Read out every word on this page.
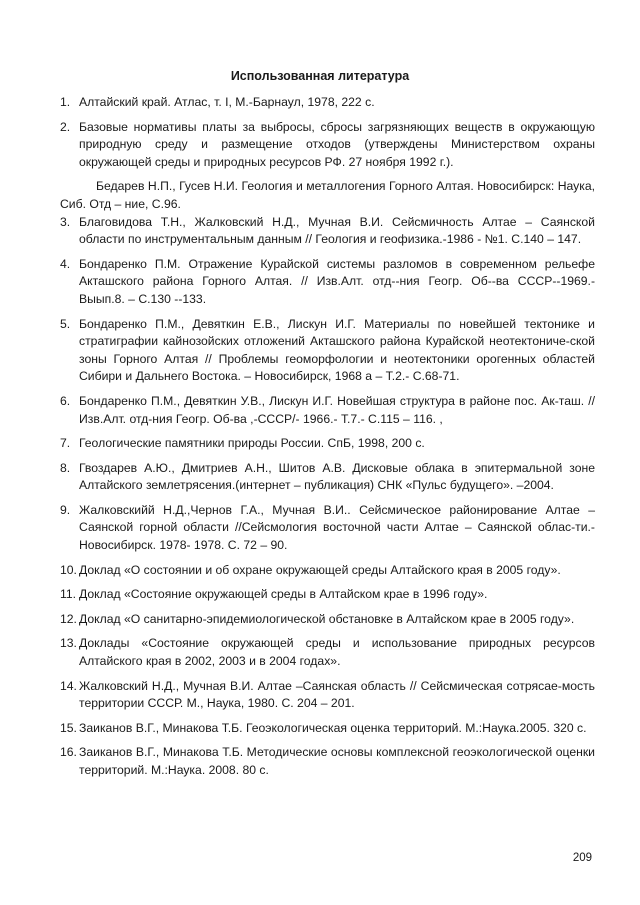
Использованная литература
1. Алтайский край. Атлас, т. I, М.-Барнаул, 1978, 222 с.
2. Базовые нормативы платы за выбросы, сбросы загрязняющих веществ в окружающую природную среду и размещение отходов (утверждены Министерством охраны окружающей среды и природных ресурсов РФ. 27 ноября 1992 г.).
Бедарев Н.П., Гусев Н.И. Геология и металлогения Горного Алтая. Новосибирск: Наука, Сиб. Отд – ние, С.96.
3. Благовидова Т.Н., Жалковский Н.Д., Мучная В.И. Сейсмичность Алтае – Саянской области по инструментальным данным // Геология и геофизика.-1986 - №1. С.140 – 147.
4. Бондаренко П.М. Отражение Курайской системы разломов в современном рельефе Акташского района Горного Алтая. // Изв.Алт. отд--ния Геогр. Об--ва СССР--1969.- Выып.8. – С.130 --133.
5. Бондаренко П.М., Девяткин Е.В., Лискун И.Г. Материалы по новейшей тектонике и стратиграфии кайнозойских отложений Акташского района Курайской неотектониче-ской зоны Горного Алтая // Проблемы геоморфологии и неотектоники орогенных областей Сибири и Дальнего Востока. – Новосибирск, 1968 а – Т.2.- С.68-71.
6. Бондаренко П.М., Девяткин У.В., Лискун И.Г. Новейшая структура в районе пос. Ак-таш. // Изв.Алт. отд-ния Геогр. Об-ва ,-СССР/- 1966.- Т.7.- С.115 – 116. ,
7. Геологические памятники природы России. СпБ, 1998, 200 с.
8. Гвоздарев А.Ю., Дмитриев А.Н., Шитов А.В. Дисковые облака в эпитермальной зоне Алтайского землетрясения.(интернет – публикация) СНК «Пульс будущего». –2004.
9. Жалковскийй Н.Д.,Чернов Г.А., Мучная В.И.. Сейсмическое районирование Алтае – Саянской горной области //Сейсмология восточной части Алтае – Саянской облас-ти.- Новосибирск. 1978- 1978. С. 72 – 90.
10. Доклад «О состоянии и об охране окружающей среды Алтайского края в 2005 году».
11. Доклад «Состояние окружающей среды в Алтайском крае в 1996 году».
12. Доклад «О санитарно-эпидемиологической обстановке в Алтайском крае в 2005 году».
13. Доклады «Состояние окружающей среды и использование природных ресурсов Алтайского края в 2002, 2003 и в 2004 годах».
14. Жалковский Н.Д., Мучная В.И. Алтае –Саянская область // Сейсмическая сотрясае-мость территории СССР. М., Наука, 1980. С. 204 – 201.
15. Заиканов В.Г., Минакова Т.Б. Геоэкологическая оценка территорий. М.:Наука.2005. 320 с.
16. Заиканов В.Г., Минакова Т.Б. Методические основы комплексной геоэкологической оценки территорий. М.:Наука. 2008. 80 с.
209
